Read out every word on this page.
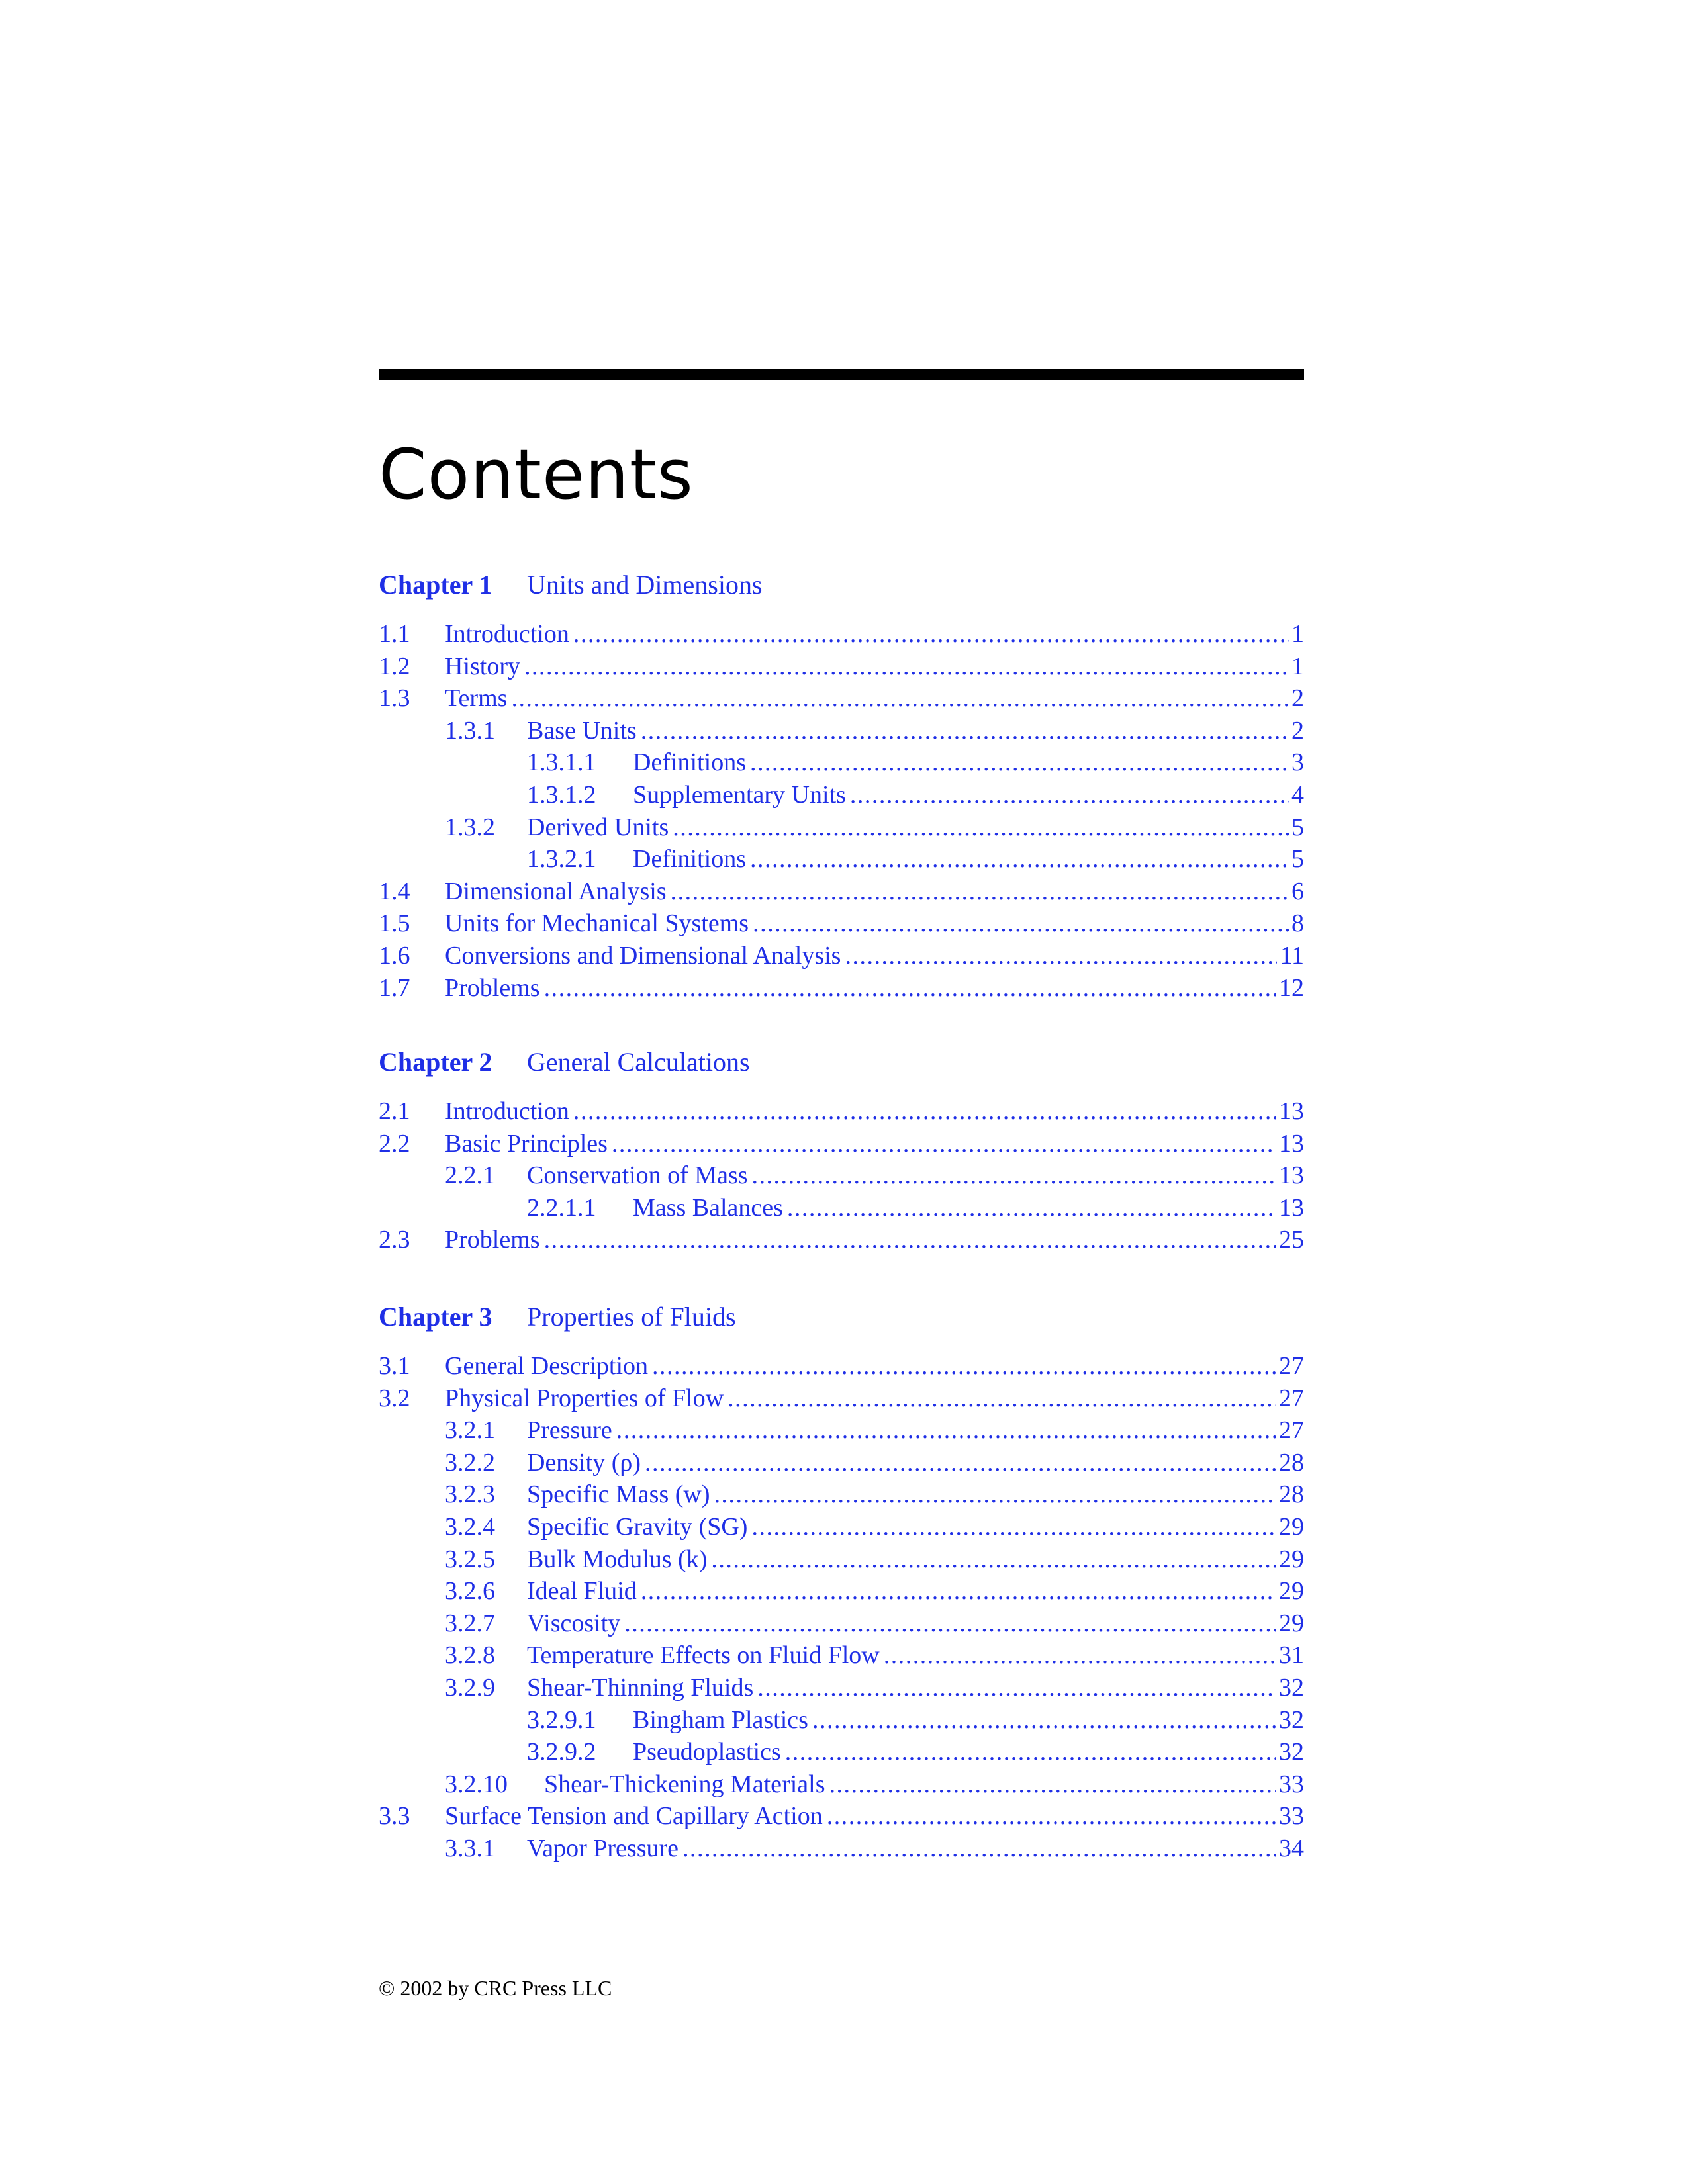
Contents
Chapter 1 Units and Dimensions
1.1	Introduction . . .	1
1.2	History . . .	1
1.3	Terms . . .	2
1.3.1	Base Units . . .	2
1.3.1.1	Definitions . . .	3
1.3.1.2	Supplementary Units . . .	4
1.3.2	Derived Units . . .	5
1.3.2.1	Definitions . . .	5
1.4	Dimensional Analysis . . .	6
1.5	Units for Mechanical Systems . . .	8
1.6	Conversions and Dimensional Analysis . . .	11
1.7	Problems . . .	12
Chapter 2 General Calculations
2.1	Introduction . . .	13
2.2	Basic Principles . . .	13
2.2.1	Conservation of Mass . . .	13
2.2.1.1	Mass Balances . . .	13
2.3	Problems . . .	25
Chapter 3 Properties of Fluids
3.1	General Description . . .	27
3.2	Physical Properties of Flow . . .	27
3.2.1	Pressure . . .	27
3.2.2	Density (ρ) . . .	28
3.2.3	Specific Mass (w) . . .	28
3.2.4	Specific Gravity (SG) . . .	29
3.2.5	Bulk Modulus (k) . . .	29
3.2.6	Ideal Fluid . . .	29
3.2.7	Viscosity . . .	29
3.2.8	Temperature Effects on Fluid Flow . . .	31
3.2.9	Shear-Thinning Fluids . . .	32
3.2.9.1	Bingham Plastics . . .	32
3.2.9.2	Pseudoplastics . . .	32
3.2.10	Shear-Thickening Materials . . .	33
3.3	Surface Tension and Capillary Action . . .	33
3.3.1	Vapor Pressure . . .	34
© 2002 by CRC Press LLC
